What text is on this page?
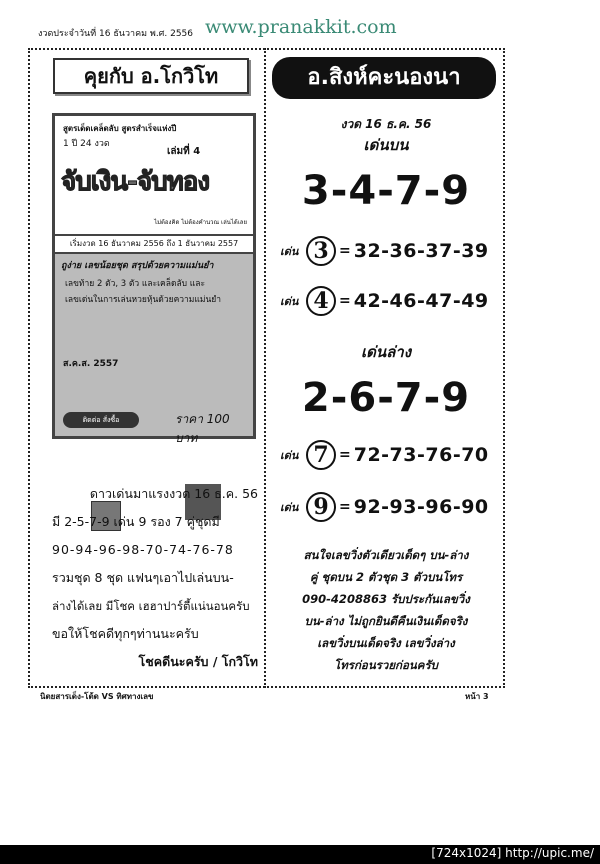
งวดประจำวันที่ 16 ธันวาคม พ.ศ. 2556 www.pranakkit.com
คุยกับ อ.โกวิโท
สูตรเด็ดเคล็ดลับ สูตรสำเร็จแห่งปี
1 ปี 24 งวด
เล่มที่ 4
จับเงิน-จับทอง
ไม่ต้องคิด ไม่ต้องคำนวณ เล่นได้เลย
เริ่มงวด 16 ธันวาคม 2556 ถึง 1 ธันวาคม 2557
ถูง่าย เลขน้อยชุด สรุปด้วยความแม่นยำ
เลขท้าย 2 ตัว, 3 ตัว และเคล็ดลับ และ
เลขเด่นในการเล่นหวยหุ้นด้วยความแม่นยำ
ส.ค.ส. 2557
ติดต่อ สั่งซื้อ	ราคา 100 บาท
ดาวเด่นมาแรงงวด 16 ธ.ค. 56
มี 2-5-7-9 เด่น 9 รอง 7 คู่ชุดมี
90-94-96-98-70-74-76-78
รวมชุด 8 ชุด แฟนๆเอาไปเล่นบน-
ล่างได้เลย มีโชค เฮฮาปาร์ตี้แน่นอนครับ
ขอให้โชคดีทุกๆท่านนะครับ
โชคดีนะครับ / โกวิโท
อ.สิงห์คะนองนา
งวด 16 ธ.ค. 56
เด่นบน
3-4-7-9
เด่น 3 = 32-36-37-39
เด่น 4 = 42-46-47-49
เด่นล่าง
2-6-7-9
เด่น 7 = 72-73-76-70
เด่น 9 = 92-93-96-90
สนใจเลขวิ่งตัวเดียวเด็ดๆ บน-ล่าง
คู่ ชุดบน 2 ตัวชุด 3 ตัวบนโทร
090-4208863 รับประกันเลขวิ่ง
บน-ล่าง ไม่ถูกยินดีคืนเงินเด็ดจริง
เลขวิ่งบนเด็ดจริง เลขวิ่งล่าง
โทรก่อนรวยก่อนครับ
นิตยสารเด็ง-โต้ด VS ทิศทางเลข	หน้า 3
[724x1024] http://upic.me/
